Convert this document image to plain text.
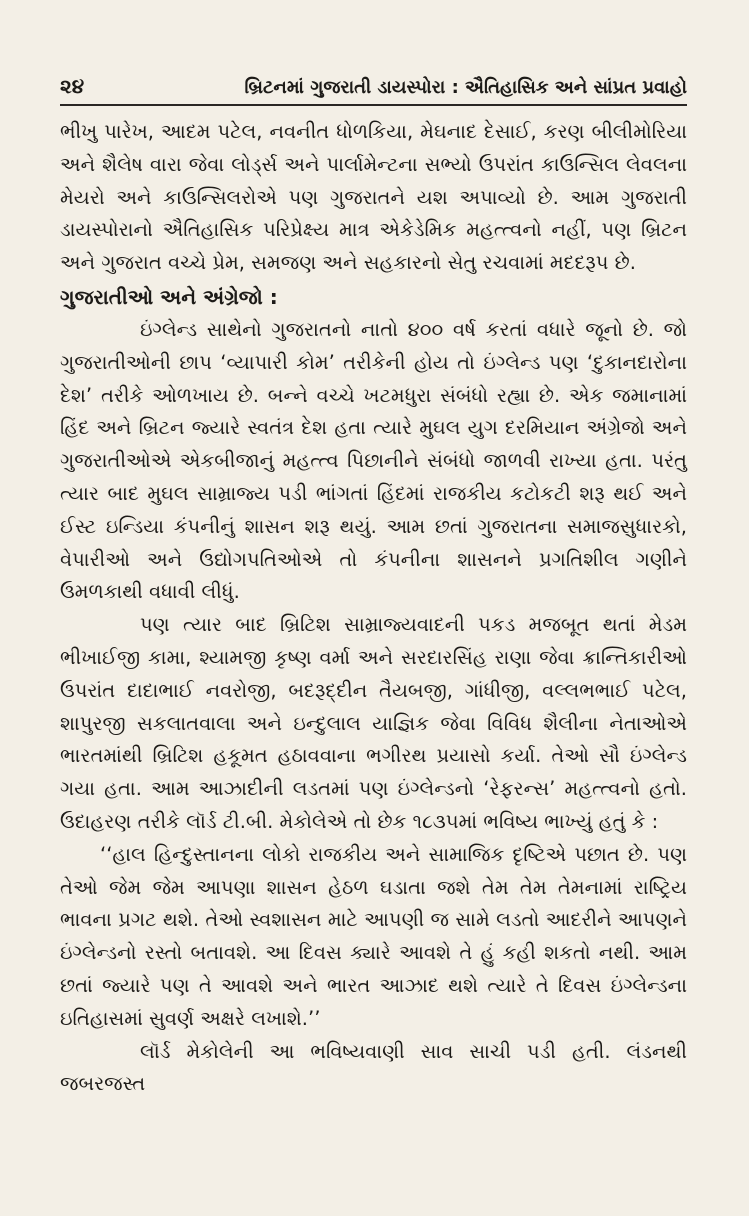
૨૪	બ્રિટનમાં ગુજરાતી ડાયસ્પોરા : ઐતિહાસિક અને સાંપ્રત પ્રવાહો

ભીખુ પારેખ, આદમ પટેલ, નવનીત ધોળકિયા, મેઘનાદ દેસાઈ, કરણ બીલીમોરિયા અને શૈલેષ વારા જેવા લોર્ડ્સ અને પાર્લામેન્ટના સભ્યો ઉપરાંત કાઉન્સિલ લેવલના મેયરો અને કાઉન્સિલરોએ પણ ગુજરાતને યશ અપાવ્યો છે. આમ ગુજરાતી ડાયસ્પોરાનો ઐતિહાસિક પરિપ્રેક્ષ્ય માત્ર એકેડેમિક મહત્ત્વનો નહીં, પણ બ્રિટન અને ગુજરાત વચ્ચે પ્રેમ, સમજણ અને સહકારનો સેતુ રચવામાં મદદરૂપ છે.

ગુજરાતીઓ અને અંગ્રેજો :

ઇંગ્લેન્ડ સાથેનો ગુજરાતનો નાતો ૪૦૦ વર્ષ કરતાં વધારે જૂનો છે. જો ગુજરાતીઓની છાપ ‘વ્યાપારી કોમ’ તરીકેની હોય તો ઇંગ્લેન્ડ પણ ‘દુકાનદારોના દેશ’ તરીકે ઓળખાય છે. બન્ને વચ્ચે ખટમધુરા સંબંધો રહ્યા છે. એક જમાનામાં હિંદ અને બ્રિટન જ્યારે સ્વતંત્ર દેશ હતા ત્યારે મુઘલ યુગ દરમિયાન અંગ્રેજો અને ગુજરાતીઓએ એકબીજાનું મહત્ત્વ પિછાનીને સંબંધો જાળવી રાખ્યા હતા. પરંતુ ત્યાર બાદ મુઘલ સામ્રાજ્ય પડી ભાંગતાં હિંદમાં રાજકીય કટોકટી શરૂ થઈ અને ઈસ્ટ ઇન્ડિયા કંપનીનું શાસન શરૂ થયું. આમ છતાં ગુજરાતના સમાજસુધારકો, વેપારીઓ અને ઉદ્યોગપતિઓએ તો કંપનીના શાસનને પ્રગતિશીલ ગણીને ઉમળકાથી વધાવી લીધું.

પણ ત્યાર બાદ બ્રિટિશ સામ્રાજ્યવાદની પકડ મજબૂત થતાં મેડમ ભીખાઈજી કામા, શ્યામજી કૃષ્ણ વર્મા અને સરદારસિંહ રાણા જેવા ક્રાન્તિકારીઓ ઉપરાંત દાદાભાઈ નવરોજી, બદરૂદ્દીન તૈયબજી, ગાંધીજી, વલ્લભભાઈ પટેલ, શાપુરજી સકલાતવાલા અને ઇન્દુલાલ યાજ્ઞિક જેવા વિવિધ શૈલીના નેતાઓએ ભારતમાંથી બ્રિટિશ હકૂમત હઠાવવાના ભગીરથ પ્રયાસો કર્યા. તેઓ સૌ ઇંગ્લેન્ડ ગયા હતા. આમ આઝાદીની લડતમાં પણ ઇંગ્લેન્ડનો ‘રેફરન્સ’ મહત્ત્વનો હતો. ઉદાહરણ તરીકે લૉર્ડ ટી.બી. મેકોલેએ તો છેક ૧૮૩૫માં ભવિષ્ય ભાખ્યું હતું કે :

‘‘હાલ હિન્દુસ્તાનના લોકો રાજકીય અને સામાજિક દૃષ્ટિએ પછાત છે. પણ તેઓ જેમ જેમ આપણા શાસન હેઠળ ઘડાતા જશે તેમ તેમ તેમનામાં રાષ્ટ્રિય ભાવના પ્રગટ થશે. તેઓ સ્વશાસન માટે આપણી જ સામે લડતો આદરીને આપણને ઇંગ્લેન્ડનો રસ્તો બતાવશે. આ દિવસ ક્યારે આવશે તે હું કહી શકતો નથી. આમ છતાં જ્યારે પણ તે આવશે અને ભારત આઝાદ થશે ત્યારે તે દિવસ ઇંગ્લેન્ડના ઇતિહાસમાં સુવર્ણ અક્ષરે લખાશે.’’

લૉર્ડ મેકોલેની આ ભવિષ્યવાણી સાવ સાચી પડી હતી. લંડનથી જબરજસ્ત
